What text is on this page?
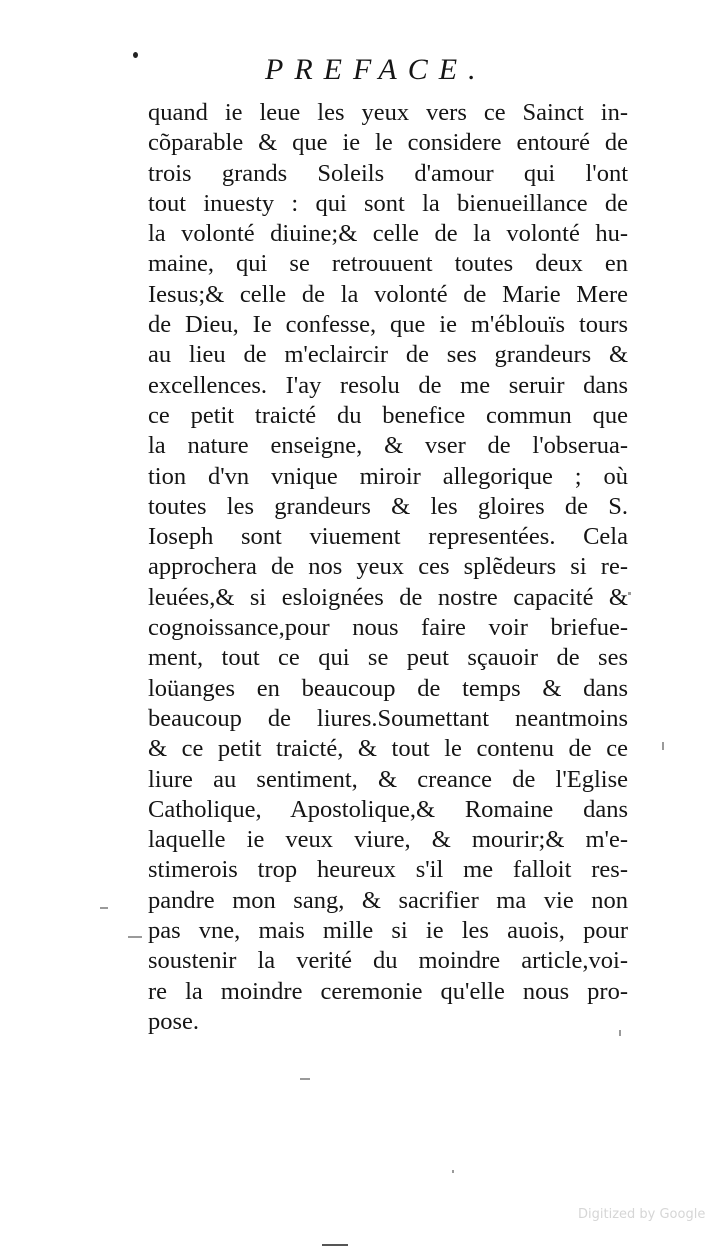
PREFACE.
quand ie leue les yeux vers ce Sainct in-
cõparable & que ie le considere entouré de
trois grands Soleils d'amour qui l'ont
tout inuesty : qui sont la bienueillance de
la volonté diuine;& celle de la volonté hu-
maine, qui se retrouuent toutes deux en
Iesus;& celle de la volonté de Marie Mere
de Dieu, Ie confesse, que ie m'éblouïs tours
au lieu de m'eclaircir de ses grandeurs &
excellences. I'ay resolu de me seruir dans
ce petit traicté du benefice commun que
la nature enseigne, & vser de l'obserua-
tion d'vn vnique miroir allegorique ; où
toutes les grandeurs & les gloires de S.
Ioseph sont viuement representées. Cela
approchera de nos yeux ces splẽdeurs si re-
leuées,& si esloignées de nostre capacité &
cognoissance,pour nous faire voir briefue-
ment, tout ce qui se peut sçauoir de ses
loüanges en beaucoup de temps & dans
beaucoup de liures.Soumettant neantmoins
& ce petit traicté, & tout le contenu de ce
liure au sentiment, & creance de l'Eglise
Catholique, Apostolique,& Romaine dans
laquelle ie veux viure, & mourir;& m'e-
stimerois trop heureux s'il me falloit res-
pandre mon sang, & sacrifier ma vie non
pas vne, mais mille si ie les auois, pour
soustenir la verité du moindre article,voi-
re la moindre ceremonie qu'elle nous pro-
pose.
Digitized by Google
